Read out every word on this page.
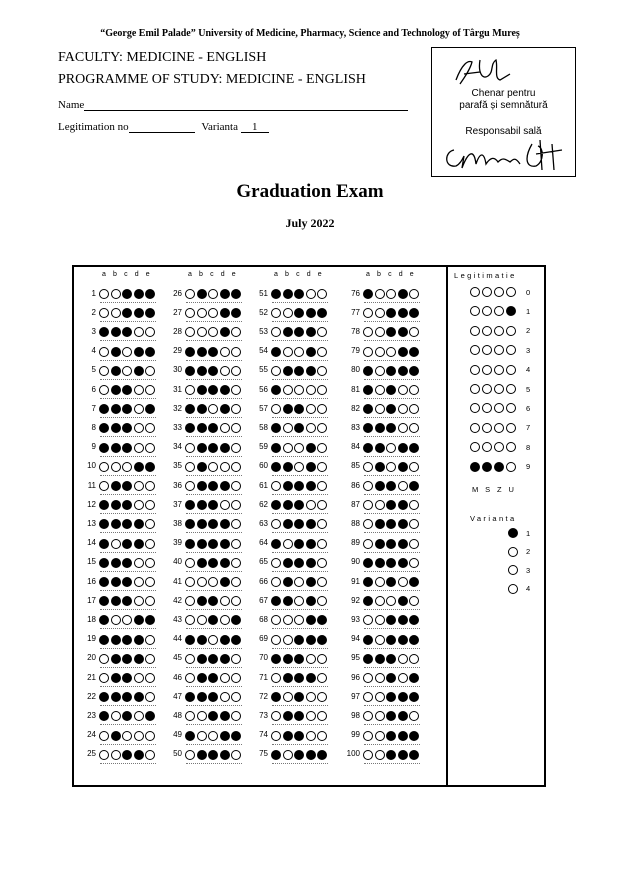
“George Emil Palade” University of Medicine, Pharmacy, Science and Technology of Târgu Mureș
FACULTY: MEDICINE - ENGLISH
PROGRAMME OF STUDY: MEDICINE - ENGLISH
Name
Legitimation no	Varianta 1
Chenar pentru
parafă și semnătură
Responsabil sală
Graduation Exam
July 2022
a b c d e
1
2
3
4
5
6
7
8
9
10
11
12
13
14
15
16
17
18
19
20
21
22
23
24
25
a b c d e
26
27
28
29
30
31
32
33
34
35
36
37
38
39
40
41
42
43
44
45
46
47
48
49
50
a b c d e
51
52
53
54
55
56
57
58
59
60
61
62
63
64
65
66
67
68
69
70
71
72
73
74
75
a b c d e
76
77
78
79
80
81
82
83
84
85
86
87
88
89
90
91
92
93
94
95
96
97
98
99
100
Legitimatie
0
1
2
3
4
5
6
7
8
9
M S Z U
Varianta
1
2
3
4
